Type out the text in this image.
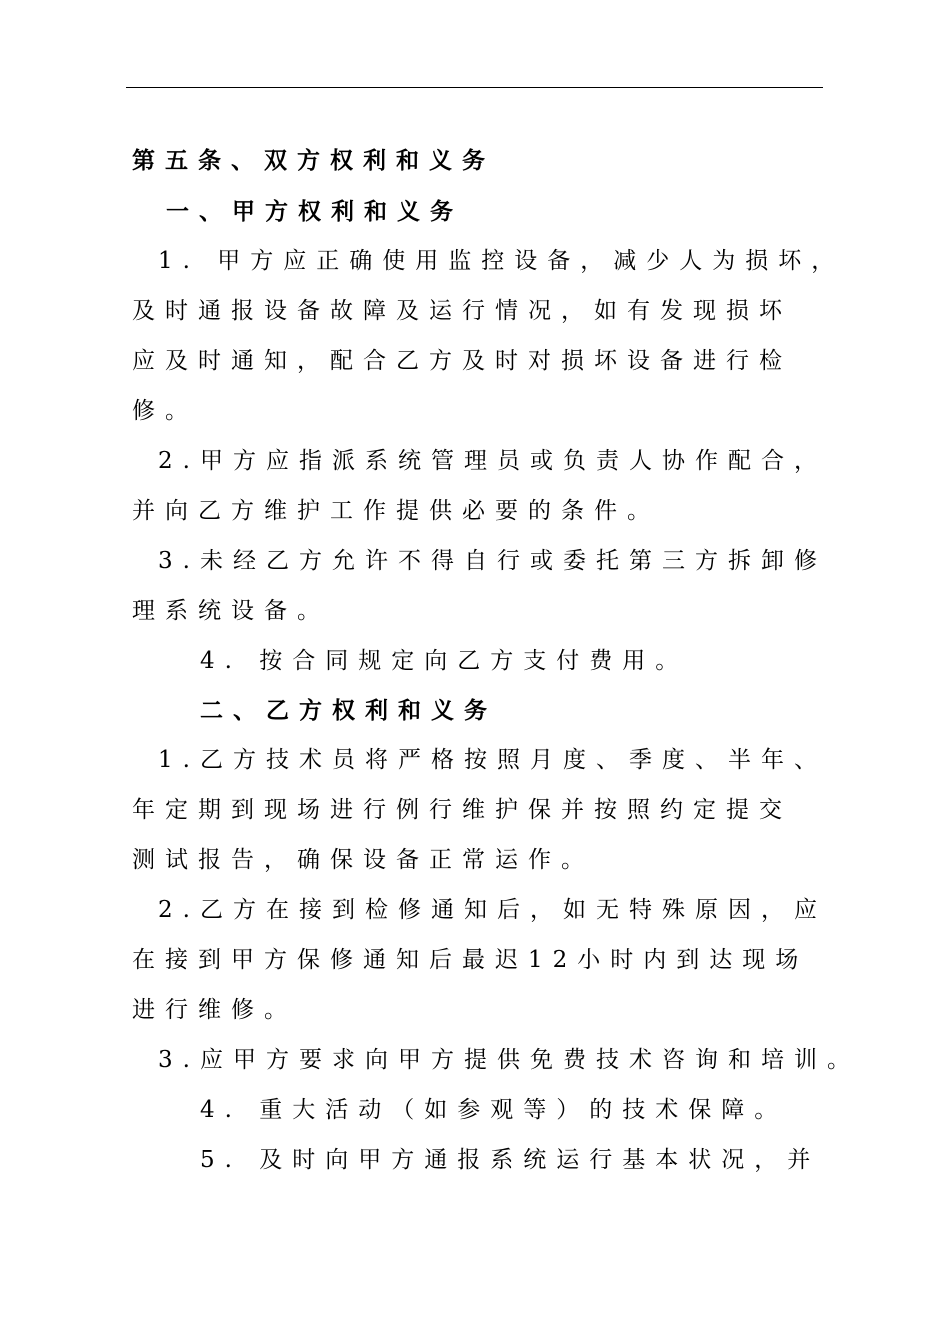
第五条、双方权利和义务
一、甲方权利和义务
1. 甲方应正确使用监控设备，减少人为损坏，
及时通报设备故障及运行情况，如有发现损坏
应及时通知，配合乙方及时对损坏设备进行检
修。
2.甲方应指派系统管理员或负责人协作配合，
并向乙方维护工作提供必要的条件。
3.未经乙方允许不得自行或委托第三方拆卸修
理系统设备。
4. 按合同规定向乙方支付费用。
二、乙方权利和义务
1.乙方技术员将严格按照月度、季度、半年、
年定期到现场进行例行维护保并按照约定提交
测试报告，确保设备正常运作。
2.乙方在接到检修通知后，如无特殊原因，应
在接到甲方保修通知后最迟12小时内到达现场
进行维修。
3.应甲方要求向甲方提供免费技术咨询和培训。
4. 重大活动（如参观等）的技术保障。
5. 及时向甲方通报系统运行基本状况，并
